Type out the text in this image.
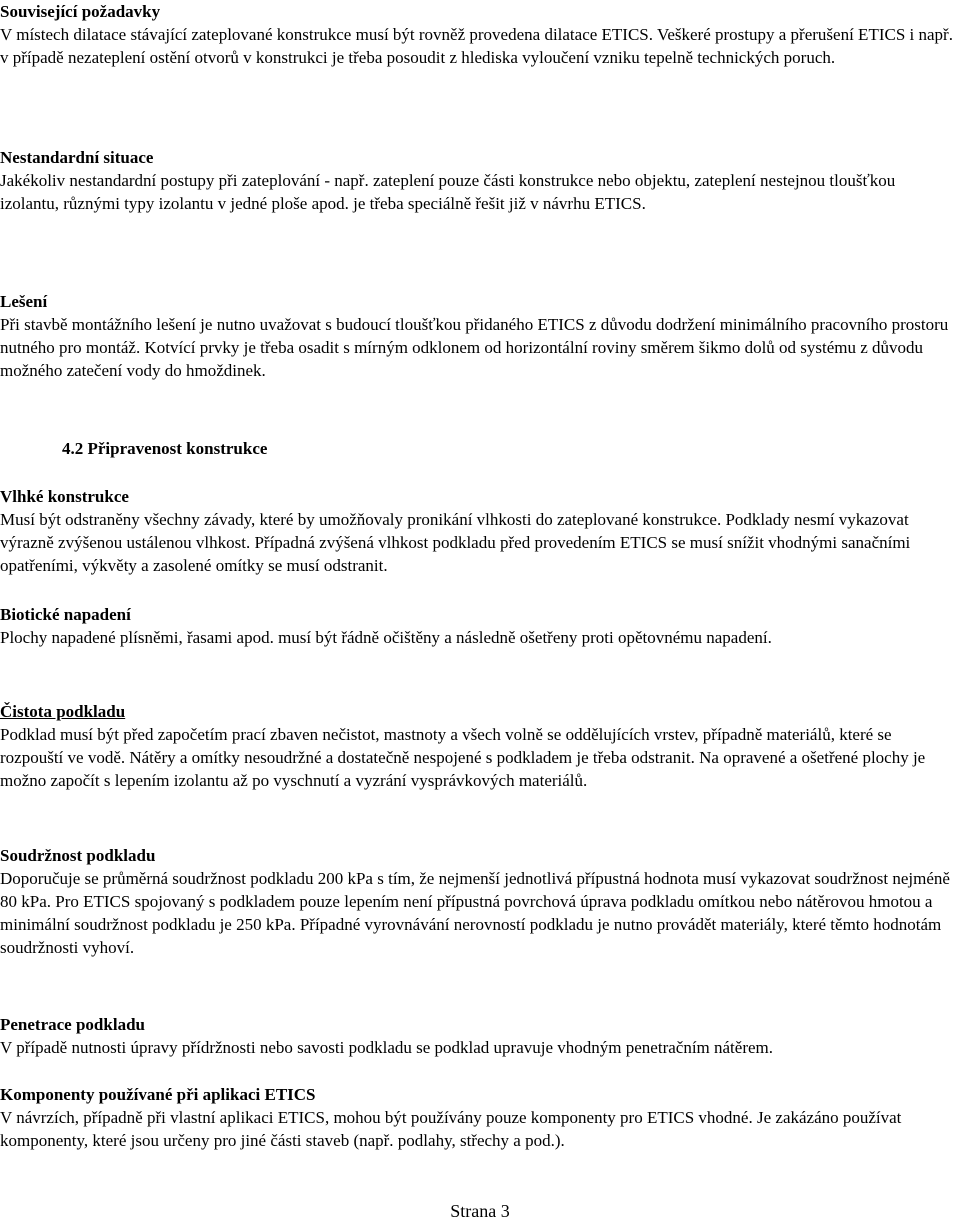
Související požadavky
V místech dilatace stávající zateplované konstrukce musí být rovněž provedena dilatace ETICS. Veškeré prostupy a přerušení ETICS i např. v případě nezateplení ostění otvorů v konstrukci je třeba posoudit z hlediska vyloučení vzniku tepelně technických poruch.
Nestandardní situace
Jakékoliv nestandardní postupy při zateplování - např. zateplení pouze části konstrukce nebo objektu, zateplení nestejnou tloušťkou izolantu, různými typy izolantu v jedné ploše apod. je třeba speciálně řešit již v návrhu ETICS.
Lešení
Při stavbě montážního lešení je nutno uvažovat s budoucí tloušťkou přidaného ETICS z důvodu dodržení minimálního pracovního prostoru nutného pro montáž. Kotvící prvky je třeba osadit s mírným odklonem od horizontální roviny směrem šikmo dolů od systému z důvodu možného zatečení vody do hmoždinek.
4.2 Připravenost konstrukce
Vlhké konstrukce
Musí být odstraněny všechny závady, které by umožňovaly pronikání vlhkosti do zateplované konstrukce. Podklady nesmí vykazovat výrazně zvýšenou ustálenou vlhkost. Případná zvýšená vlhkost podkladu před provedením ETICS se musí snížit vhodnými sanačními opatřeními, výkvěty a zasolené omítky se musí odstranit.
Biotické napadení
Plochy napadené plísněmi, řasami apod. musí být řádně očištěny a následně ošetřeny proti opětovnému napadení.
Čistota podkladu
Podklad musí být před započetím prací zbaven nečistot, mastnoty a všech volně se oddělujících vrstev, případně materiálů, které se rozpouští ve vodě. Nátěry a omítky nesoudržné a dostatečně nespojené s podkladem je třeba odstranit. Na opravené a ošetřené plochy je možno započít s lepením izolantu až po vyschnutí a vyzrání vysprávkových materiálů.
Soudržnost podkladu
Doporučuje se průměrná soudržnost podkladu 200 kPa s tím, že nejmenší jednotlivá přípustná hodnota musí vykazovat soudržnost nejméně 80 kPa. Pro ETICS spojovaný s podkladem pouze lepením není přípustná povrchová úprava podkladu omítkou nebo nátěrovou hmotou a minimální soudržnost podkladu je 250 kPa. Případné vyrovnávání nerovností podkladu je nutno provádět materiály, které těmto hodnotám soudržnosti vyhoví.
Penetrace podkladu
V případě nutnosti úpravy přídržnosti nebo savosti podkladu se podklad upravuje vhodným penetračním nátěrem.
Komponenty používané při aplikaci ETICS
V návrzích, případně při vlastní aplikaci ETICS, mohou být používány pouze komponenty pro ETICS vhodné. Je zakázáno používat komponenty, které jsou určeny pro jiné části staveb (např. podlahy, střechy a pod.).
Strana 3
